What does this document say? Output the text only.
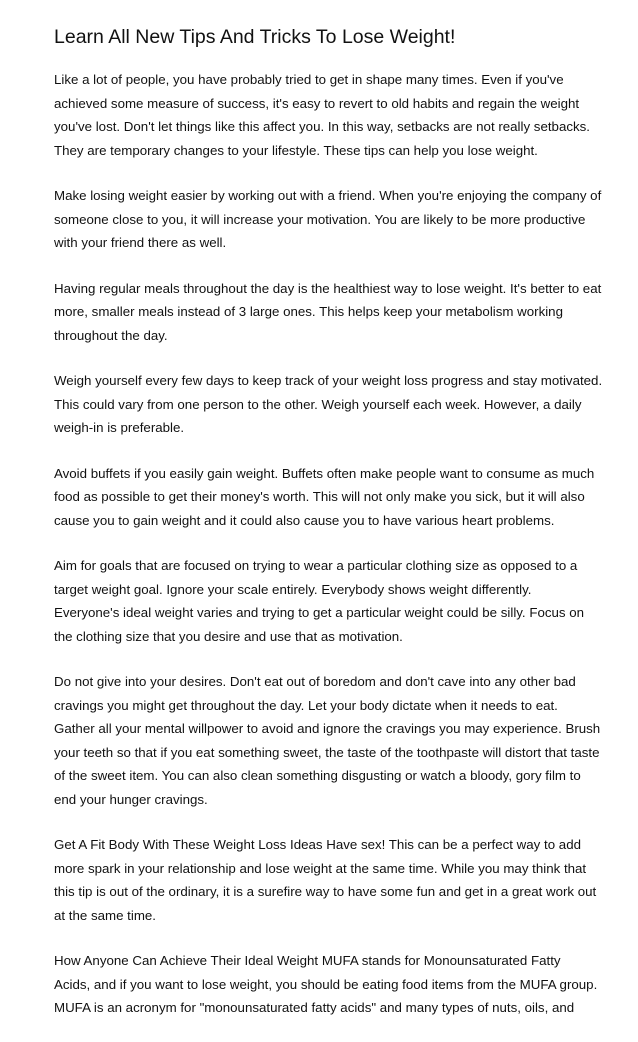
Learn All New Tips And Tricks To Lose Weight!

Like a lot of people, you have probably tried to get in shape many times. Even if you've
achieved some measure of success, it's easy to revert to old habits and regain the weight
you've lost. Don't let things like this affect you. In this way, setbacks are not really setbacks.
They are temporary changes to your lifestyle. These tips can help you lose weight.

Make losing weight easier by working out with a friend. When you're enjoying the company of
someone close to you, it will increase your motivation. You are likely to be more productive
with your friend there as well.

Having regular meals throughout the day is the healthiest way to lose weight. It's better to eat
more, smaller meals instead of 3 large ones. This helps keep your metabolism working
throughout the day.

Weigh yourself every few days to keep track of your weight loss progress and stay motivated.
This could vary from one person to the other. Weigh yourself each week. However, a daily
weigh-in is preferable.

Avoid buffets if you easily gain weight. Buffets often make people want to consume as much
food as possible to get their money's worth. This will not only make you sick, but it will also
cause you to gain weight and it could also cause you to have various heart problems.

Aim for goals that are focused on trying to wear a particular clothing size as opposed to a
target weight goal. Ignore your scale entirely. Everybody shows weight differently.
Everyone's ideal weight varies and trying to get a particular weight could be silly. Focus on
the clothing size that you desire and use that as motivation.

Do not give into your desires. Don't eat out of boredom and don't cave into any other bad
cravings you might get throughout the day. Let your body dictate when it needs to eat.
Gather all your mental willpower to avoid and ignore the cravings you may experience. Brush
your teeth so that if you eat something sweet, the taste of the toothpaste will distort that taste
of the sweet item. You can also clean something disgusting or watch a bloody, gory film to
end your hunger cravings.

Get A Fit Body With These Weight Loss Ideas Have sex! This can be a perfect way to add
more spark in your relationship and lose weight at the same time. While you may think that
this tip is out of the ordinary, it is a surefire way to have some fun and get in a great work out
at the same time.

How Anyone Can Achieve Their Ideal Weight MUFA stands for Monounsaturated Fatty
Acids, and if you want to lose weight, you should be eating food items from the MUFA group.
MUFA is an acronym for "monounsaturated fatty acids" and many types of nuts, oils, and
